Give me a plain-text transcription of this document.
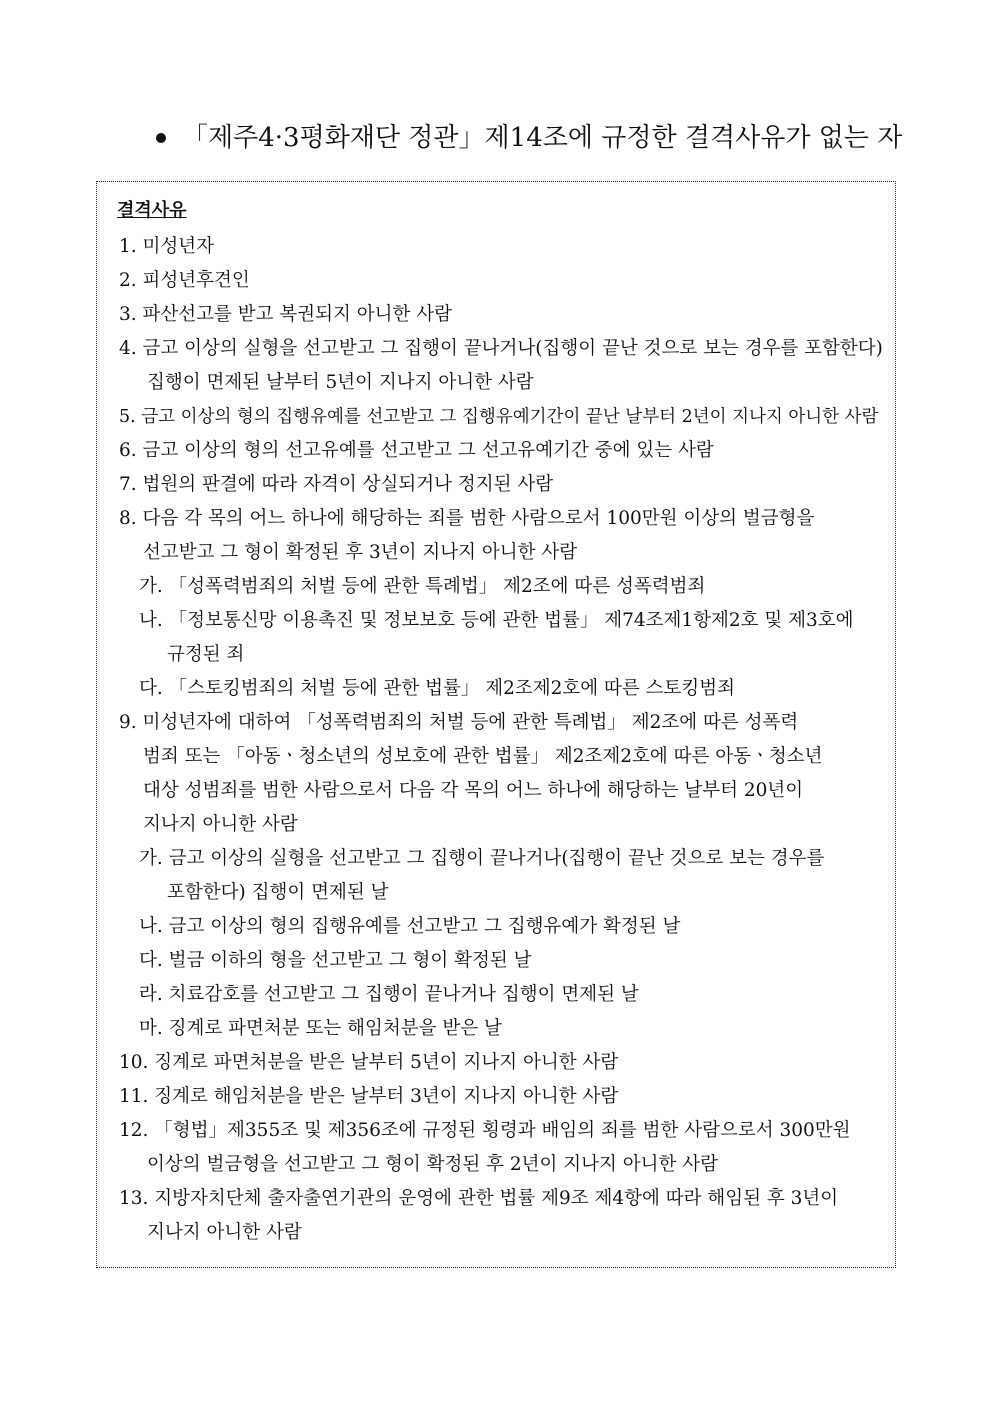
「제주4·3평화재단 정관」제14조에 규정한 결격사유가 없는 자
결격사유
1. 미성년자
2. 피성년후견인
3. 파산선고를 받고 복권되지 아니한 사람
4. 금고 이상의 실형을 선고받고 그 집행이 끝나거나(집행이 끝난 것으로 보는 경우를 포함한다)
집행이 면제된 날부터 5년이 지나지 아니한 사람
5. 금고 이상의 형의 집행유예를 선고받고 그 집행유예기간이 끝난 날부터 2년이 지나지 아니한 사람
6. 금고 이상의 형의 선고유예를 선고받고 그 선고유예기간 중에 있는 사람
7. 법원의 판결에 따라 자격이 상실되거나 정지된 사람
8. 다음 각 목의 어느 하나에 해당하는 죄를 범한 사람으로서 100만원 이상의 벌금형을
선고받고 그 형이 확정된 후 3년이 지나지 아니한 사람
가. 「성폭력범죄의 처벌 등에 관한 특례법」 제2조에 따른 성폭력범죄
나. 「정보통신망 이용촉진 및 정보보호 등에 관한 법률」 제74조제1항제2호 및 제3호에
규정된 죄
다. 「스토킹범죄의 처벌 등에 관한 법률」 제2조제2호에 따른 스토킹범죄
9. 미성년자에 대하여 「성폭력범죄의 처벌 등에 관한 특례법」 제2조에 따른 성폭력
범죄 또는 「아동ㆍ청소년의 성보호에 관한 법률」 제2조제2호에 따른 아동ㆍ청소년
대상 성범죄를 범한 사람으로서 다음 각 목의 어느 하나에 해당하는 날부터 20년이
지나지 아니한 사람
가. 금고 이상의 실형을 선고받고 그 집행이 끝나거나(집행이 끝난 것으로 보는 경우를
포함한다) 집행이 면제된 날
나. 금고 이상의 형의 집행유예를 선고받고 그 집행유예가 확정된 날
다. 벌금 이하의 형을 선고받고 그 형이 확정된 날
라. 치료감호를 선고받고 그 집행이 끝나거나 집행이 면제된 날
마. 징계로 파면처분 또는 해임처분을 받은 날
10. 징계로 파면처분을 받은 날부터 5년이 지나지 아니한 사람
11. 징계로 해임처분을 받은 날부터 3년이 지나지 아니한 사람
12. 「형법」제355조 및 제356조에 규정된 횡령과 배임의 죄를 범한 사람으로서 300만원
이상의 벌금형을 선고받고 그 형이 확정된 후 2년이 지나지 아니한 사람
13. 지방자치단체 출자출연기관의 운영에 관한 법률 제9조 제4항에 따라 해임된 후 3년이
지나지 아니한 사람
